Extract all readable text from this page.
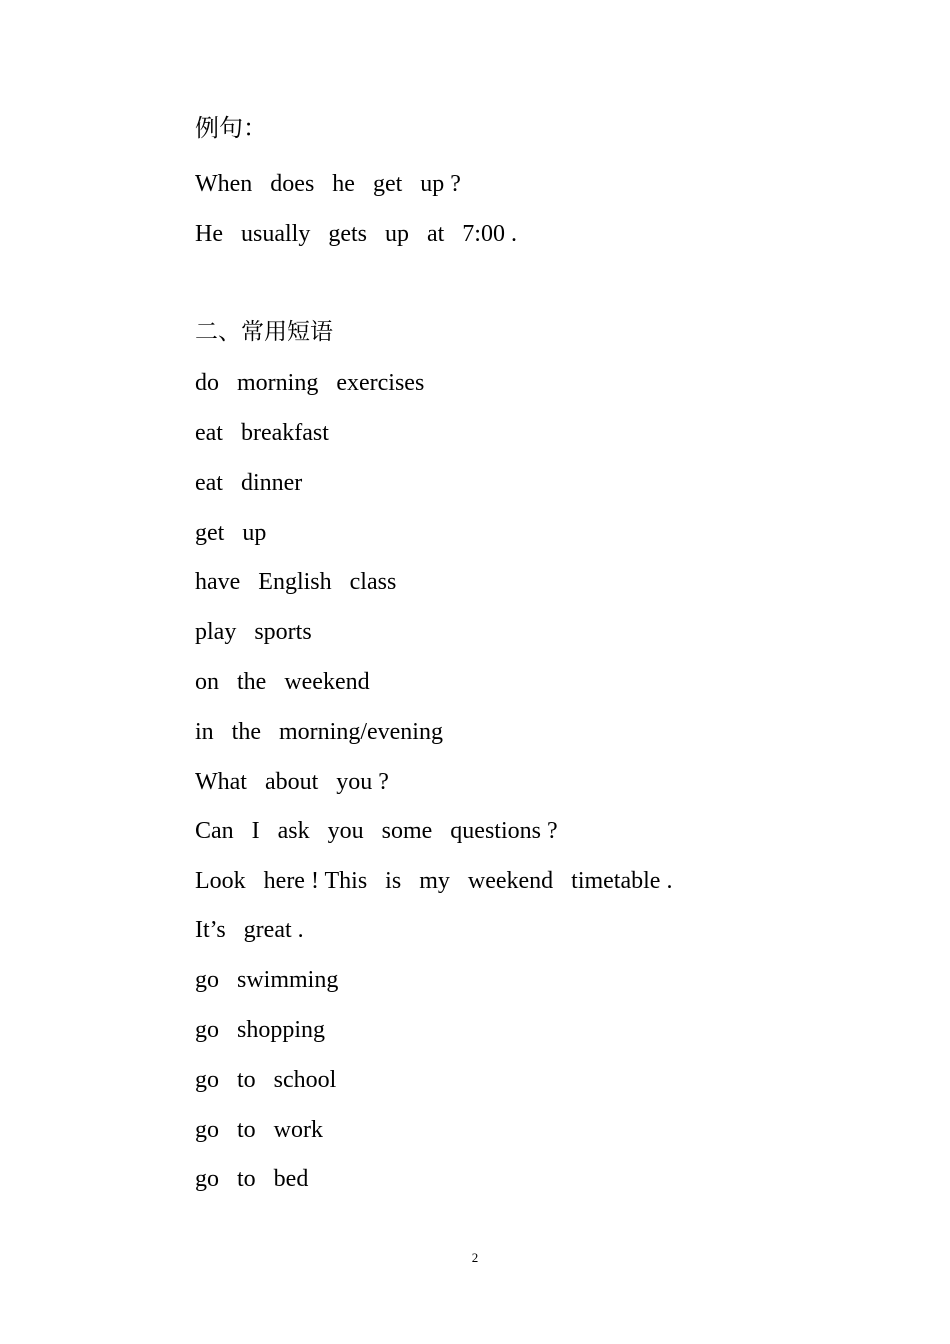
例句：

When   does   he   get   up ?

He   usually   gets   up   at   7:00 .

二、常用短语

do   morning   exercises

eat   breakfast

eat   dinner

get   up

have   English   class

play   sports

on   the   weekend

in   the   morning/evening

What   about   you ?

Can   I   ask   you   some   questions ?

Look   here ! This   is   my   weekend   timetable .

It’s   great .

go   swimming

go   shopping

go   to   school

go   to   work

go   to   bed

2
